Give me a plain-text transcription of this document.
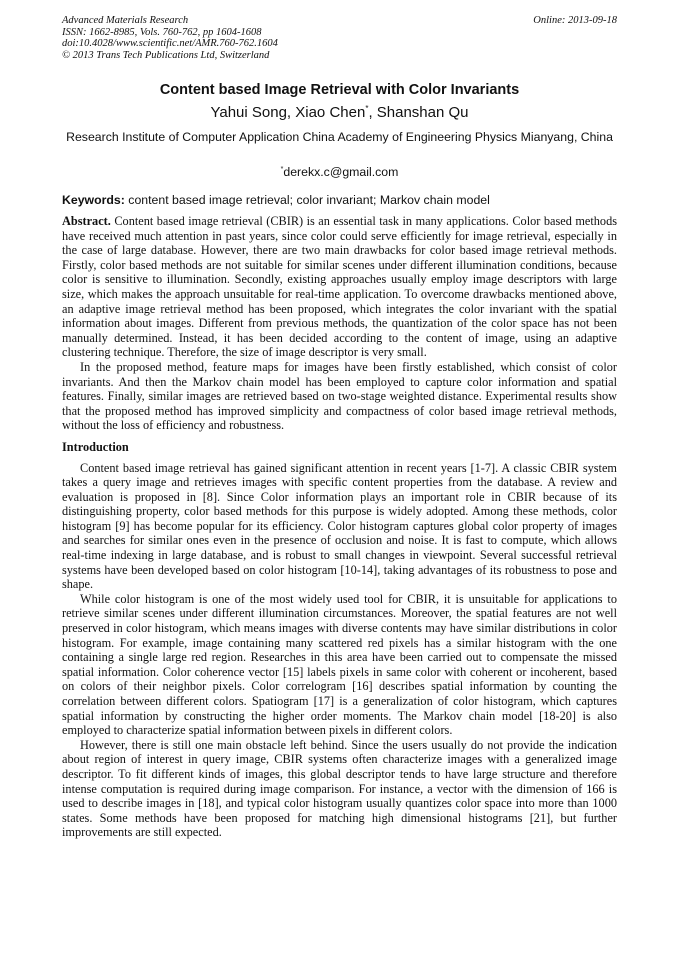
Advanced Materials Research
ISSN: 1662-8985, Vols. 760-762, pp 1604-1608
doi:10.4028/www.scientific.net/AMR.760-762.1604
© 2013 Trans Tech Publications Ltd, Switzerland
Online: 2013-09-18
Content based Image Retrieval with Color Invariants
Yahui Song, Xiao Chen*, Shanshan Qu
Research Institute of Computer Application China Academy of Engineering Physics Mianyang, China
*derekx.c@gmail.com
Keywords: content based image retrieval; color invariant; Markov chain model

Abstract. Content based image retrieval (CBIR) is an essential task in many applications. Color based methods have received much attention in past years, since color could serve efficiently for image retrieval, especially in the case of large database. However, there are two main drawbacks for color based image retrieval methods. Firstly, color based methods are not suitable for similar scenes under different illumination conditions, because color is sensitive to illumination. Secondly, existing approaches usually employ image descriptors with large size, which makes the approach unsuitable for real-time application. To overcome drawbacks mentioned above, an adaptive image retrieval method has been proposed, which integrates the color invariant with the spatial information about images. Different from previous methods, the quantization of the color space has not been manually determined. Instead, it has been decided according to the content of image, using an adaptive clustering technique. Therefore, the size of image descriptor is very small.

In the proposed method, feature maps for images have been firstly established, which consist of color invariants. And then the Markov chain model has been employed to capture color information and spatial features. Finally, similar images are retrieved based on two-stage weighted distance. Experimental results show that the proposed method has improved simplicity and compactness of color based image retrieval methods, without the loss of efficiency and robustness.

Introduction

Content based image retrieval has gained significant attention in recent years [1-7]. A classic CBIR system takes a query image and retrieves images with specific content properties from the database. A review and evaluation is proposed in [8]. Since Color information plays an important role in CBIR because of its distinguishing property, color based methods for this purpose is widely adopted. Among these methods, color histogram [9] has become popular for its efficiency. Color histogram captures global color property of images and searches for similar ones even in the presence of occlusion and noise. It is fast to compute, which allows real-time indexing in large database, and is robust to small changes in viewpoint. Several successful retrieval systems have been developed based on color histogram [10-14], taking advantages of its robustness to pose and shape.

While color histogram is one of the most widely used tool for CBIR, it is unsuitable for applications to retrieve similar scenes under different illumination circumstances. Moreover, the spatial features are not well preserved in color histogram, which means images with diverse contents may have similar distributions in color histogram. For example, image containing many scattered red pixels has a similar histogram with the one containing a single large red region. Researches in this area have been carried out to compensate the missed spatial information. Color coherence vector [15] labels pixels in same color with coherent or incoherent, based on colors of their neighbor pixels. Color correlogram [16] describes spatial information by counting the correlation between different colors. Spatiogram [17] is a generalization of color histogram, which captures spatial information by constructing the higher order moments. The Markov chain model [18-20] is also employed to characterize spatial information between pixels in different colors.

However, there is still one main obstacle left behind. Since the users usually do not provide the indication about region of interest in query image, CBIR systems often characterize images with a generalized image descriptor. To fit different kinds of images, this global descriptor tends to have large structure and therefore intense computation is required during image comparison. For instance, a vector with the dimension of 166 is used to describe images in [18], and typical color histogram usually quantizes color space into more than 1000 states. Some methods have been proposed for matching high dimensional histograms [21], but further improvements are still expected.
